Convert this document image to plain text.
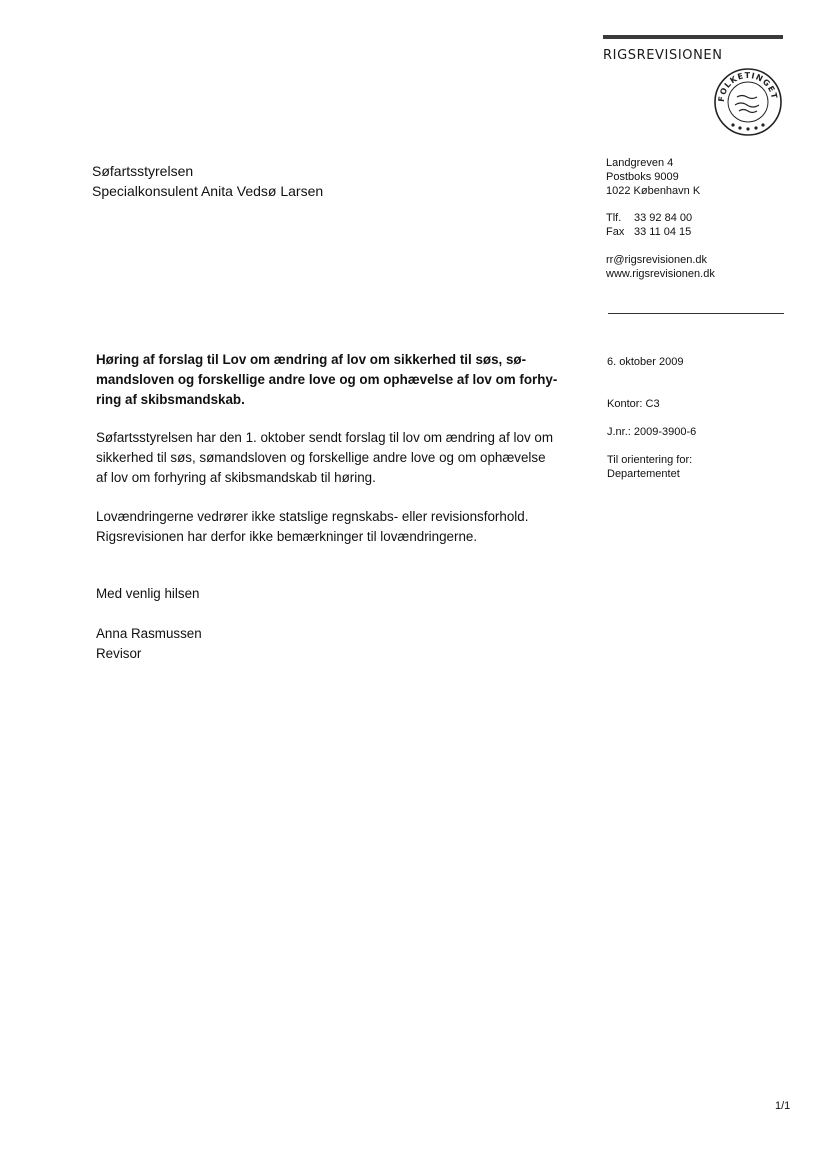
RIGSREVISIONEN
FOLKETINGET
Søfartsstyrelsen
Specialkonsulent Anita Vedsø Larsen
Landgreven 4
Postboks 9009
1022 København K
Tlf. 33 92 84 00
Fax 33 11 04 15
rr@rigsrevisionen.dk
www.rigsrevisionen.dk
Høring af forslag til Lov om ændring af lov om sikkerhed til søs, sø-
mandsloven og forskellige andre love og om ophævelse af lov om forhy-
ring af skibsmandskab.
Søfartsstyrelsen har den 1. oktober sendt forslag til lov om ændring af lov om
sikkerhed til søs, sømandsloven og forskellige andre love og om ophævelse
af lov om forhyring af skibsmandskab til høring.
Lovændringerne vedrører ikke statslige regnskabs- eller revisionsforhold.
Rigsrevisionen har derfor ikke bemærkninger til lovændringerne.
Med venlig hilsen
Anna Rasmussen
Revisor
6. oktober 2009
Kontor: C3
J.nr.: 2009-3900-6
Til orientering for:
Departementet
1/1
